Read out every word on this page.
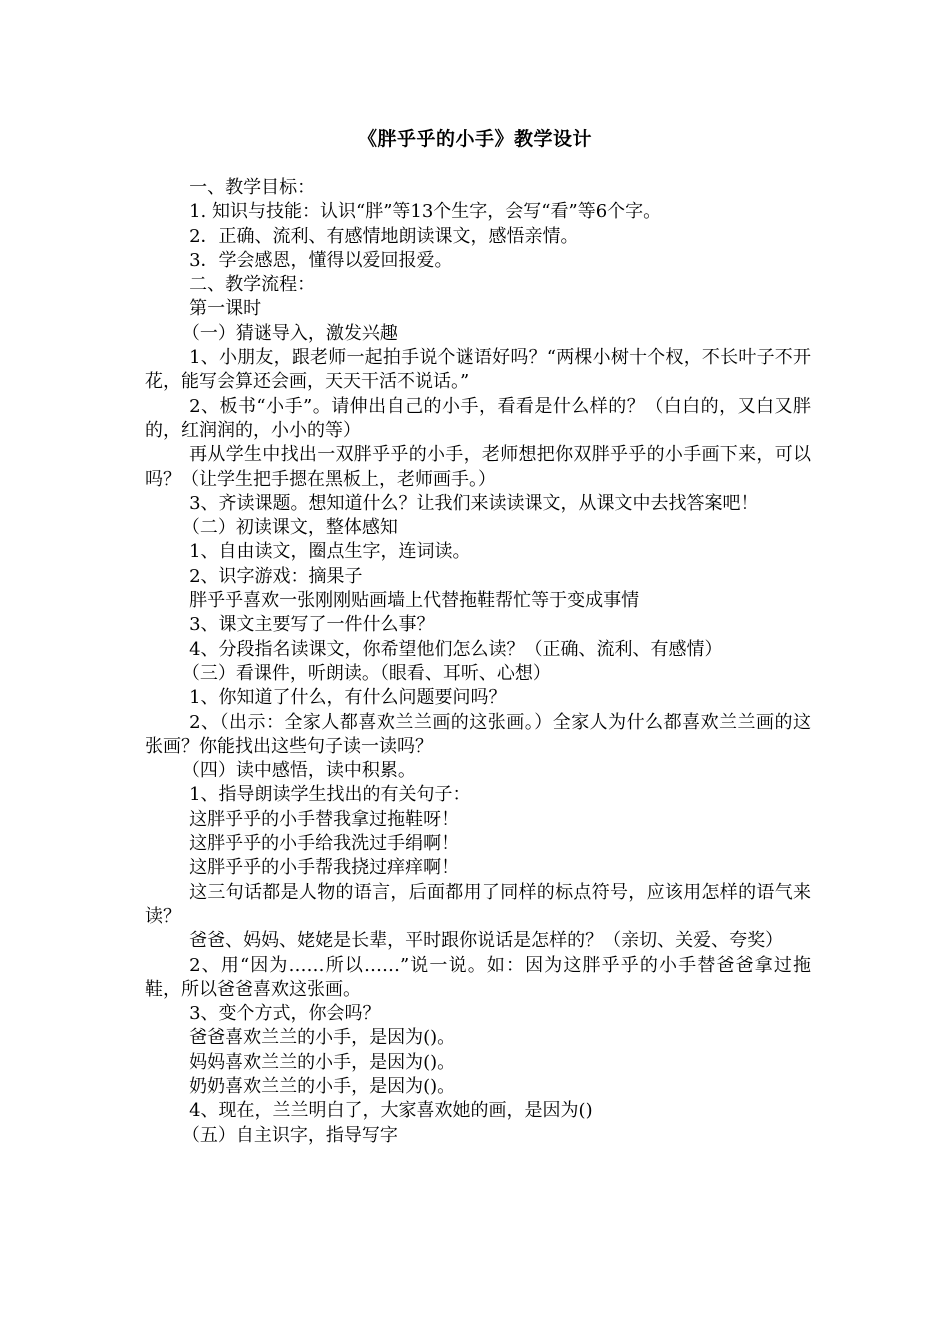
《胖乎乎的小手》教学设计

一、教学目标：

1. 知识与技能：认识“胖”等13个生字，会写“看”等6个字。

2．正确、流利、有感情地朗读课文，感悟亲情。

3．学会感恩，懂得以爱回报爱。

二、教学流程：

第一课时

（一）猜谜导入，激发兴趣

1、小朋友，跟老师一起拍手说个谜语好吗？“两棵小树十个杈，不长叶子不开花，能写会算还会画，天天干活不说话。”

2、板书“小手”。请伸出自己的小手，看看是什么样的？（白白的，又白又胖的，红润润的，小小的等）

再从学生中找出一双胖乎乎的小手，老师想把你双胖乎乎的小手画下来，可以吗？（让学生把手摁在黑板上，老师画手。）

3、齐读课题。想知道什么？让我们来读读课文，从课文中去找答案吧！

（二）初读课文，整体感知

1、自由读文，圈点生字，连词读。

2、识字游戏：摘果子

胖乎乎喜欢一张刚刚贴画墙上代替拖鞋帮忙等于变成事情

3、课文主要写了一件什么事？

4、分段指名读课文，你希望他们怎么读？（正确、流利、有感情）

（三）看课件，听朗读。（眼看、耳听、心想）

1、你知道了什么，有什么问题要问吗？

2、（出示：全家人都喜欢兰兰画的这张画。）全家人为什么都喜欢兰兰画的这张画？你能找出这些句子读一读吗？

（四）读中感悟，读中积累。

1、指导朗读学生找出的有关句子：

这胖乎乎的小手替我拿过拖鞋呀！

这胖乎乎的小手给我洗过手绢啊！

这胖乎乎的小手帮我挠过痒痒啊！

这三句话都是人物的语言，后面都用了同样的标点符号，应该用怎样的语气来读？

爸爸、妈妈、姥姥是长辈，平时跟你说话是怎样的？（亲切、关爱、夸奖）

2、用“因为……所以……”说一说。如：因为这胖乎乎的小手替爸爸拿过拖鞋，所以爸爸喜欢这张画。

3、变个方式，你会吗？

爸爸喜欢兰兰的小手，是因为()。

妈妈喜欢兰兰的小手，是因为()。

奶奶喜欢兰兰的小手，是因为()。

4、现在，兰兰明白了，大家喜欢她的画，是因为()

（五）自主识字，指导写字
